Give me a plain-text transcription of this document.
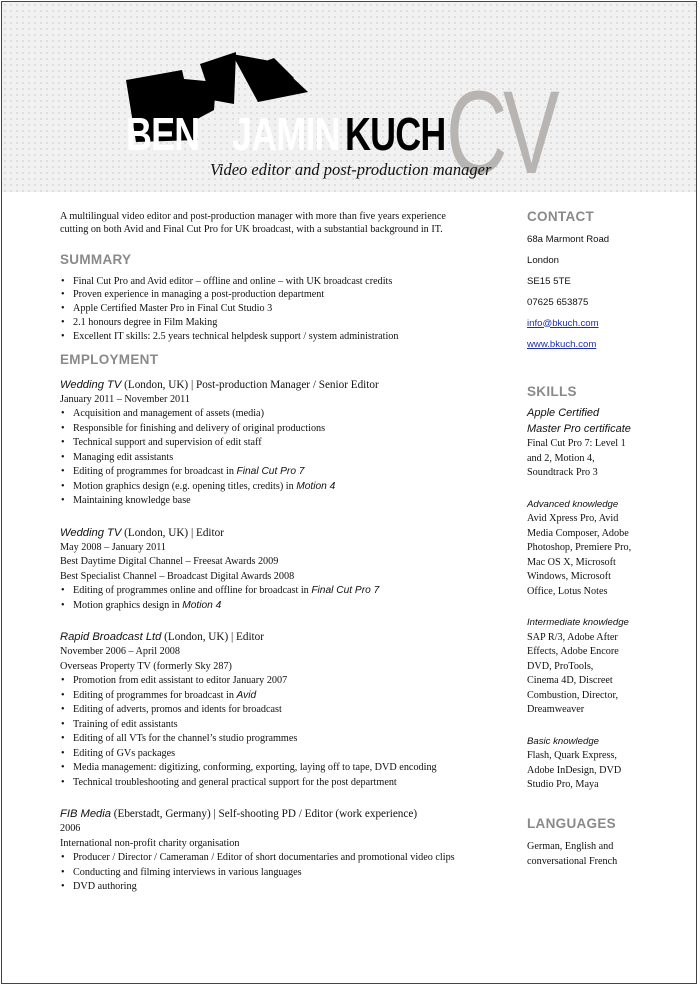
BEN JAMIN KUCH CV
Video editor and post-production manager
A multilingual video editor and post-production manager with more than five years experience
cutting on both Avid and Final Cut Pro for UK broadcast, with a substantial background in IT.
SUMMARY
• Final Cut Pro and Avid editor – offline and online – with UK broadcast credits
• Proven experience in managing a post-production department
• Apple Certified Master Pro in Final Cut Studio 3
• 2.1 honours degree in Film Making
• Excellent IT skills: 2.5 years technical helpdesk support / system administration
EMPLOYMENT
Wedding TV (London, UK) | Post-production Manager / Senior Editor
January 2011 – November 2011
• Acquisition and management of assets (media)
• Responsible for finishing and delivery of original productions
• Technical support and supervision of edit staff
• Managing edit assistants
• Editing of programmes for broadcast in Final Cut Pro 7
• Motion graphics design (e.g. opening titles, credits) in Motion 4
• Maintaining knowledge base
Wedding TV (London, UK) | Editor
May 2008 – January 2011
Best Daytime Digital Channel – Freesat Awards 2009
Best Specialist Channel – Broadcast Digital Awards 2008
• Editing of programmes online and offline for broadcast in Final Cut Pro 7
• Motion graphics design in Motion 4
Rapid Broadcast Ltd (London, UK) | Editor
November 2006 – April 2008
Overseas Property TV (formerly Sky 287)
• Promotion from edit assistant to editor January 2007
• Editing of programmes for broadcast in Avid
• Editing of adverts, promos and idents for broadcast
• Training of edit assistants
• Editing of all VTs for the channel’s studio programmes
• Editing of GVs packages
• Media management: digitizing, conforming, exporting, laying off to tape, DVD encoding
• Technical troubleshooting and general practical support for the post department
FIB Media (Eberstadt, Germany) | Self-shooting PD / Editor (work experience)
2006
International non-profit charity organisation
• Producer / Director / Cameraman / Editor of short documentaries and promotional video clips
• Conducting and filming interviews in various languages
• DVD authoring
CONTACT
68a Marmont Road
London
SE15 5TE
07625 653875
info@bkuch.com
www.bkuch.com
SKILLS
Apple Certified
Master Pro certificate
Final Cut Pro 7: Level 1
and 2, Motion 4,
Soundtrack Pro 3
Advanced knowledge
Avid Xpress Pro, Avid
Media Composer, Adobe
Photoshop, Premiere Pro,
Mac OS X, Microsoft
Windows, Microsoft
Office, Lotus Notes
Intermediate knowledge
SAP R/3, Adobe After
Effects, Adobe Encore
DVD, ProTools,
Cinema 4D, Discreet
Combustion, Director,
Dreamweaver
Basic knowledge
Flash, Quark Express,
Adobe InDesign, DVD
Studio Pro, Maya
LANGUAGES
German, English and
conversational French
